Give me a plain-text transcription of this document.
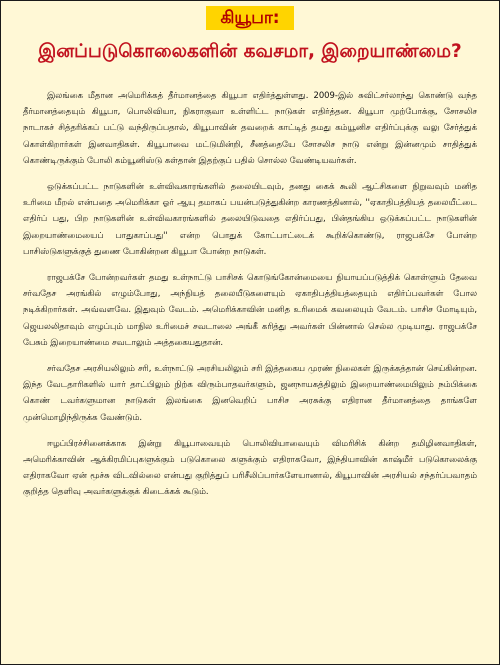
கியூபா:
இனப்படுகொலைகளின் கவசமா, இறையாண்மை?

இலங்கை மீதான அமெரிக்கத் தீர்மானத்தை கியூபா எதிர்த்துள்ளது. 2009-இல் சுவிட்சர்லாந்து கொண்டு வந்த தீர்மானத்தையும் கியூபா, பொலிவியா, நிகராகுவா உள்ளிட்ட நாடுகள் எதிர்த்தன. கியூபா முற்போக்கு, சோசலிச நாடாகச் சித்தரிக்கப் பட்டு வந்திருப்பதால், கியூபாவின் தவறைக் காட்டித் தமது கம்யூனிச எதிர்ப்புக்கு வலு சேர்த்துக் கொள்கிறார்கள் இனவாதிகள். கியூபாவை மட்டுமின்றி, சீனத்தையே சோசலிச நாடு என்று இன்னமும் சாதித்துக் கொண்டிருக்கும் போலி கம்யூனிஸ்டு கள்தான் இதற்குப் பதில் சொல்ல வேண்டியவர்கள்.

ஒடுக்கப்பட்ட நாடுகளின் உள்விவகாரங்களில் தலையிடவும், தனது கைக் கூலி ஆட்சிகளை நிறுவவும் மனித உரிமை மீறல் என்பதை அமெரிக்கா ஓர் ஆயு தமாகப் பயன்படுத்துகின்ற காரணத்தினால், ''ஏகாதிபத்தியத் தலையீட்டை எதிர்ப் பது, பிற நாடுகளின் உள்விவகாரங்களில் தலையிடுவதை எதிர்ப்பது, பின்தங்கிய ஒடுக்கப்பட்ட நாடுகளின் இறையாண்மையைப் பாதுகாப்பது'' என்ற பொதுக் கோட்பாட்டைக் கூறிக்கொண்டு, ராஜபக்சே போன்ற பாசிஸ்டுகளுக்குத் துணை போகின்றன கியூபா போன்ற நாடுகள்.

ராஜபக்சே போன்றவர்கள் தமது உள்நாட்டு பாசிசக் கொடுங்கோன்மையை நியாயப்படுத்திக் கொள்ளும் தேவை சர்வதேச அரங்கில் எழும்போது, அந்நியத் தலையீடுகளையும் ஏகாதிபத்தியத்தையும் எதிர்ப்பவர்கள் போல நடிக்கிறார்கள். அவ்வளவே. இதுவும் வேடம். அமெரிக்காவின் மனித உரிமைக் கவலையும் வேடம். பாசிச மோடியும், ஜெயலலிதாவும் எழுப்பும் மாநில உரிமைச் சவடாலை அங்கீ கரித்து அவர்கள் பின்னால் செல்ல முடியாது. ராஜபக்சே பேசும் இறையாண்மை சவடாலும் அத்தகையதுதான்.

சர்வதேச அரசியலிலும் சரி, உள்நாட்டு அரசியலிலும் சரி இத்தகைய முரண் நிலைகள் இருக்கத்தான் செய்கின்றன. இந்த வேடதாரிகளில் யார் தாட்பிலும் நிற்க விரும்பாதவர்களும், ஜனநாயகத்திலும் இறையாண்மையிலும் நம்பிக்கை கொண் டவர்களுமான நாடுகள் இலங்கை இனவெறிப் பாசிச அரசுக்கு எதிரான தீர்மானத்தை தாங்களே முன்மொழிந்திருக்க வேண்டும்.

ஈழப்பிரச்சினைக்காக இன்று கியூபாவையும் பொலிவியாவையும் விமரிசிக் கின்ற தமிழினவாதிகள், அமெரிக்காவின் ஆக்கிரமிப்புகளுக்கும் படுகொலை களுக்கும் எதிராகவோ, இந்தியாவின் காஷ்மீர் படுகொலைக்கு எதிராகவோ ஏன் மூச்சு விடவில்லை என்பது குறித்துப் பரிசீலிப்பார்களேயானால், கியூபாவின் அரசியல் சந்தர்ப்பவாதம் குறித்த தெளிவு அவர்களுக்குக் கிடைக்கக் கூடும்.
